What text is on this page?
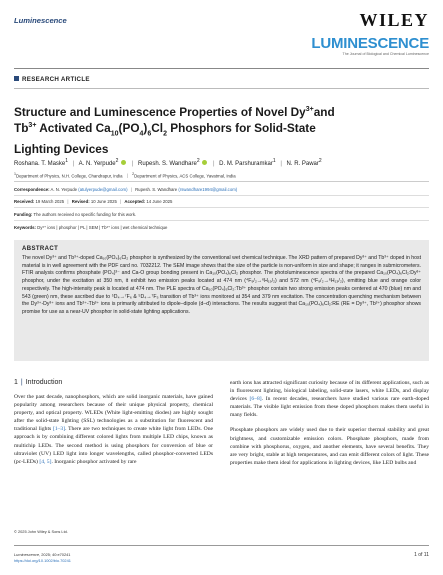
Luminescence	WILEY
LUMINESCENCE
The Journal of Biological and Chemical Luminescence
RESEARCH ARTICLE
Structure and Luminescence Properties of Novel $Dy^{3+}and$
$Tb^{3+}$ Activated $Ca_{10}(PO_4)_6Cl_2$ Phosphors for Solid-State
Lighting Devices
Roshana. T. Maske$^1$ | A. N. Yerpude$^2$ | Rupesh. S. Wandhare$^2$ | D. M. Parshuramkar$^1$ | N. R. Pawar$^2$
$^1$Department of Physics, N.H. College, Chandrapur, India | $^2$Department of Physics, ACS College, Yavatmal, India
Correspondence: A. N. Yerpude (atulyerpude@gmail.com) | Rupesh. S. Wandhare (rswandhare1994@gmail.com)
Received: 19 March 2025 | Revised: 10 June 2025 | Accepted: 14 June 2025
Funding: The authors received no specific funding for this work.
Keywords: Dy³⁺ ions | phosphor | PL | SEM | Tb³⁺ ions | wet chemical technique
ABSTRACT
The novel Dy³⁺ and Tb³⁺-doped Ca₁₀(PO₄)₆Cl₂ phosphor is synthesized by the conventional wet chemical technique. The XRD pattern of prepared Dy³⁺ and Tb³⁺ doped in host material is in well agreement with the PDF card no. 7032212. The SEM image shows that the size of the particle is non-uniform in size and shape; it ranges in submicrometers. FTIR analysis confirms phosphate (PO₄)³⁻ and Ca-O group bonding present in Ca₁₀(PO₄)₆Cl₂ phosphor. The photoluminescence spectra of the prepared Ca₁₀(PO₄)₆Cl₂:Dy³⁺ phosphor, under the excitation at 350 nm, it exhibit two emission peaks located at 474 nm (⁴F₉/₂→⁶H₁₅/₂) and 572 nm (⁴F₉/₂→⁶H₁₃/₂), emitting blue and orange color respectively. The high-intensity peak is located at 474 nm. The PLE spectra of Ca₁₀(PO₄)₆Cl₂:Tb³⁺ phosphor contain two strong emission peaks centered at 470 (blue) nm and 543 (green) nm, these ascribed due to ⁵D₄→⁷F₆ & ⁵D₄→⁷F₅ transition of Tb³⁺ ions monitored at 354 and 379 nm excitation. The concentration quenching mechanism between the Dy³⁺-Dy³⁺ ions and Tb³⁺-Tb³⁺ ions is primarily attributed to dipole–dipole (d–d) interactions. The results suggest that Ca₁₀(PO₄)₆Cl₂:RE (RE = Dy³⁺, Tb³⁺) phosphor shows promise for use as a near-UV phosphor in solid-state lighting applications.
1 | Introduction

Over the past decade, nanophosphors, which are solid inorganic materials, have gained popularity among researchers because of their unique physical property, chemical property, and optical property. WLEDs (White light-emitting diodes) are highly sought after the solid-state lighting (SSL) technologies as a substitution for fluorescent and traditional lights [1–3]. There are two techniques to create white light from LEDs. One approach is by combining different colored lights from multiple LED chips, known as multichip LEDs. The second method is using phosphors for conversion of blue or ultraviolet (UV) LED light into longer wavelengths, called phosphor-converted LEDs (pc-LEDs) [4, 5]. Inorganic phosphor activated by rare

earth ions has attracted significant curiosity because of its different applications, such as in fluorescent lighting, biological labeling, solid-state lasers, white LEDs, and display devices [6–8]. In recent decades, researchers have studied various rare earth-doped materials. The visible light emission from these doped phosphors makes them useful in many fields.

Phosphate phosphors are widely used due to their superior thermal stability and great brightness, and customizable emission colors. Phosphate phosphors, made from combine with phosphorus, oxygen, and another elements, have several benefits. They are very bright, stable at high temperatures, and can emit different colors of light. These properties make them ideal for applications in lighting devices, like LED bulbs and

© 2025 John Wiley & Sons Ltd.
Luminescence, 2025; 40:e70241
https://doi.org/10.1002/bio.70241
1 of 11
